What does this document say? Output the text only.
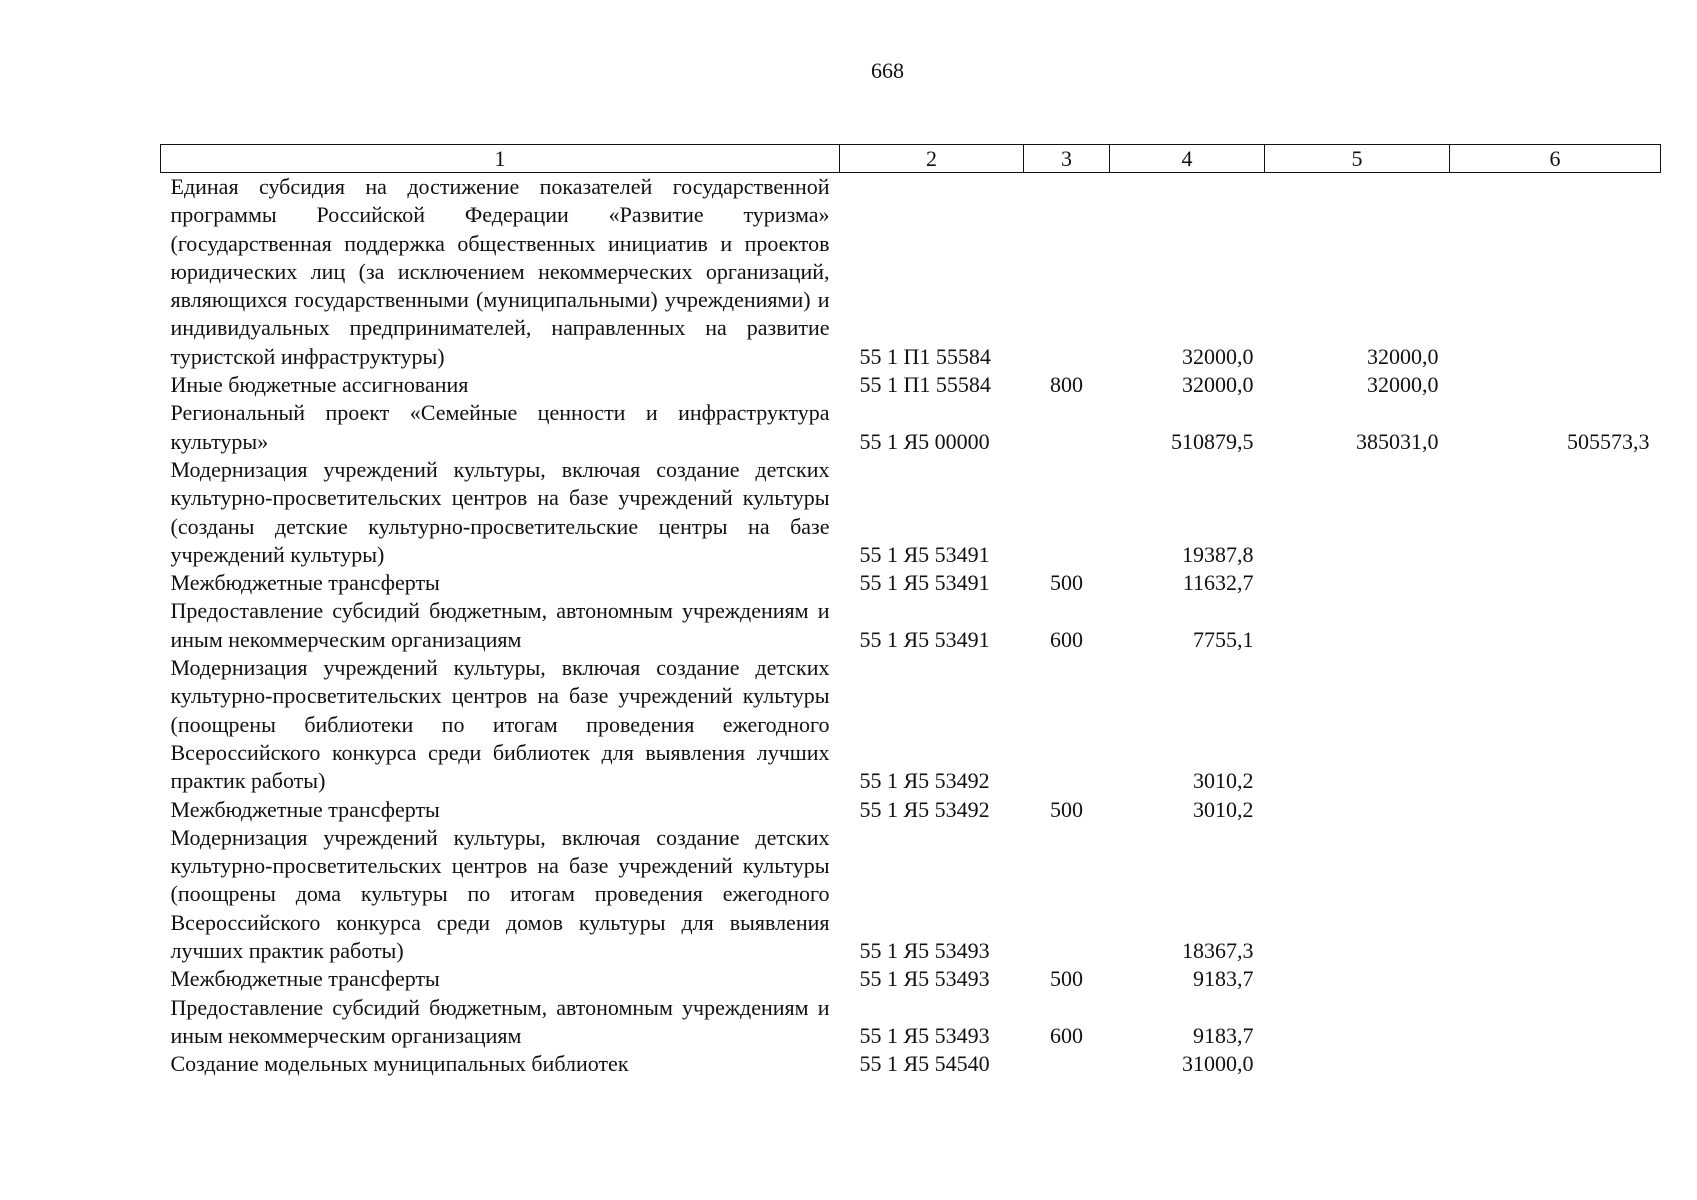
668
1	2	3	4	5	6
Единая субсидия на достижение показателей государственной программы Российской Федерации «Развитие туризма» (государственная поддержка общественных инициатив и проектов юридических лиц (за исключением некоммерческих организаций, являющихся государственными (муниципальными) учреждениями) и индивидуальных предпринимателей, направленных на развитие туристской инфраструктуры)	55 1 П1 55584		32000,0	32000,0	
Иные бюджетные ассигнования	55 1 П1 55584	800	32000,0	32000,0	
Региональный проект «Семейные ценности и инфраструктура культуры»	55 1 Я5 00000		510879,5	385031,0	505573,3
Модернизация учреждений культуры, включая создание детских культурно-просветительских центров на базе учреждений культуры (созданы детские культурно-просветительские центры на базе учреждений культуры)	55 1 Я5 53491		19387,8		
Межбюджетные трансферты	55 1 Я5 53491	500	11632,7		
Предоставление субсидий бюджетным, автономным учреждениям и иным некоммерческим организациям	55 1 Я5 53491	600	7755,1		
Модернизация учреждений культуры, включая создание детских культурно-просветительских центров на базе учреждений культуры (поощрены библиотеки по итогам проведения ежегодного Всероссийского конкурса среди библиотек для выявления лучших практик работы)	55 1 Я5 53492		3010,2		
Межбюджетные трансферты	55 1 Я5 53492	500	3010,2		
Модернизация учреждений культуры, включая создание детских культурно-просветительских центров на базе учреждений культуры (поощрены дома культуры по итогам проведения ежегодного Всероссийского конкурса среди домов культуры для выявления лучших практик работы)	55 1 Я5 53493		18367,3		
Межбюджетные трансферты	55 1 Я5 53493	500	9183,7		
Предоставление субсидий бюджетным, автономным учреждениям и иным некоммерческим организациям	55 1 Я5 53493	600	9183,7		
Создание модельных муниципальных библиотек	55 1 Я5 54540		31000,0		
